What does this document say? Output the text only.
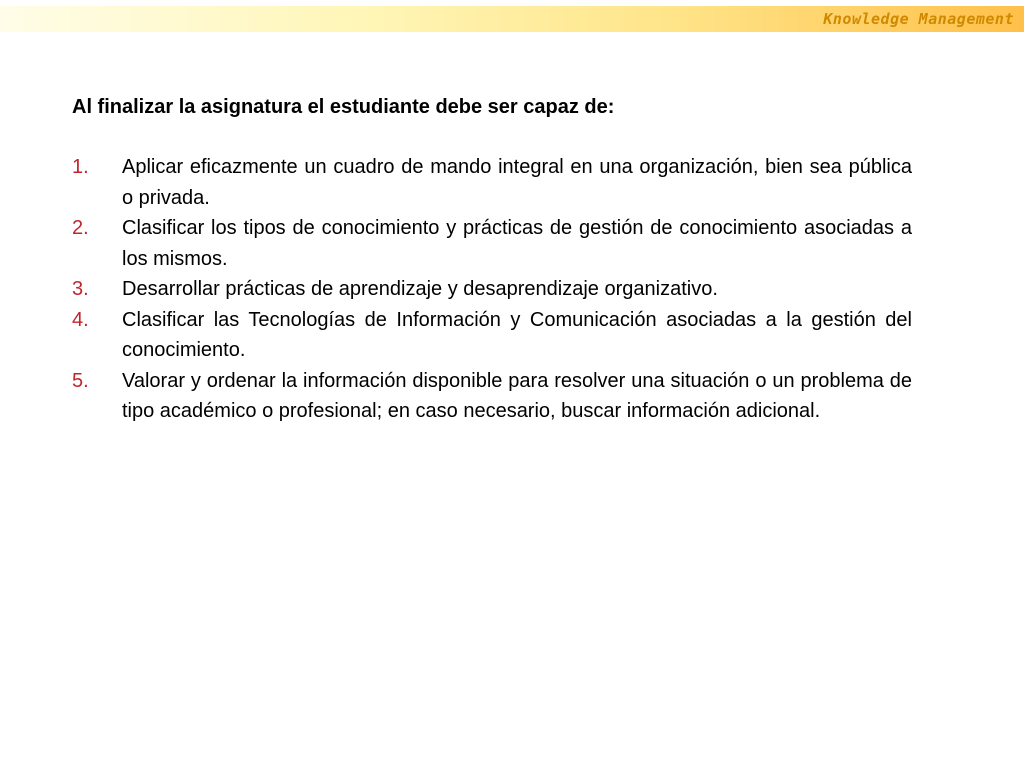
Knowledge Management

Al finalizar la asignatura el estudiante debe ser capaz de:

1. Aplicar eficazmente un cuadro de mando integral en una organización, bien sea pública o privada.
2. Clasificar los tipos de conocimiento y prácticas de gestión de conocimiento asociadas a los mismos.
3. Desarrollar prácticas de aprendizaje y desaprendizaje organizativo.
4. Clasificar las Tecnologías de Información y Comunicación asociadas a la gestión del conocimiento.
5. Valorar y ordenar la información disponible para resolver una situación o un problema de tipo académico o profesional; en caso necesario, buscar información adicional.
